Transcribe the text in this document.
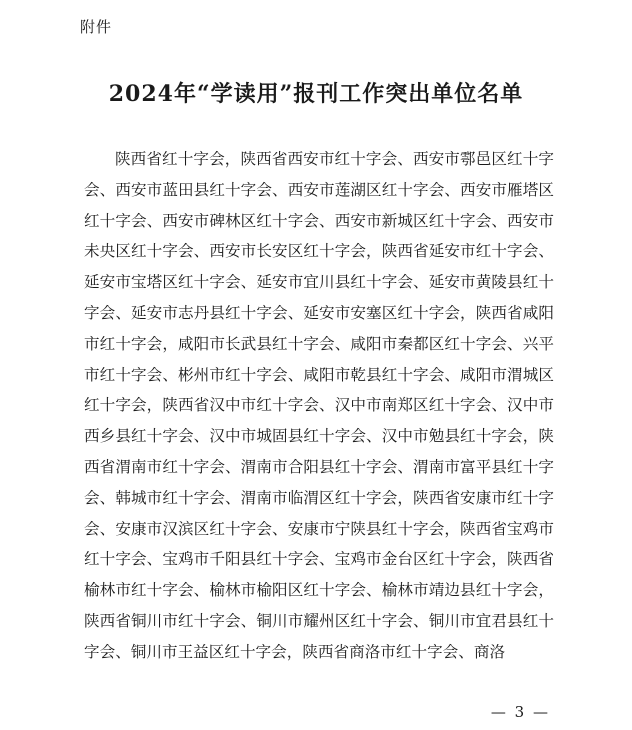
附件
2024年“学读用”报刊工作突出单位名单

陕西省红十字会，陕西省西安市红十字会、西安市鄠邑区红十字会、西安市蓝田县红十字会、西安市莲湖区红十字会、西安市雁塔区红十字会、西安市碑林区红十字会、西安市新城区红十字会、西安市未央区红十字会、西安市长安区红十字会，陕西省延安市红十字会、延安市宝塔区红十字会、延安市宜川县红十字会、延安市黄陵县红十字会、延安市志丹县红十字会、延安市安塞区红十字会，陕西省咸阳市红十字会，咸阳市长武县红十字会、咸阳市秦都区红十字会、兴平市红十字会、彬州市红十字会、咸阳市乾县红十字会、咸阳市渭城区红十字会，陕西省汉中市红十字会、汉中市南郑区红十字会、汉中市西乡县红十字会、汉中市城固县红十字会、汉中市勉县红十字会，陕西省渭南市红十字会、渭南市合阳县红十字会、渭南市富平县红十字会、韩城市红十字会、渭南市临渭区红十字会，陕西省安康市红十字会、安康市汉滨区红十字会、安康市宁陕县红十字会，陕西省宝鸡市红十字会、宝鸡市千阳县红十字会、宝鸡市金台区红十字会，陕西省榆林市红十字会、榆林市榆阳区红十字会、榆林市靖边县红十字会，陕西省铜川市红十字会、铜川市耀州区红十字会、铜川市宜君县红十字会、铜川市王益区红十字会，陕西省商洛市红十字会、商洛

— 3 —
